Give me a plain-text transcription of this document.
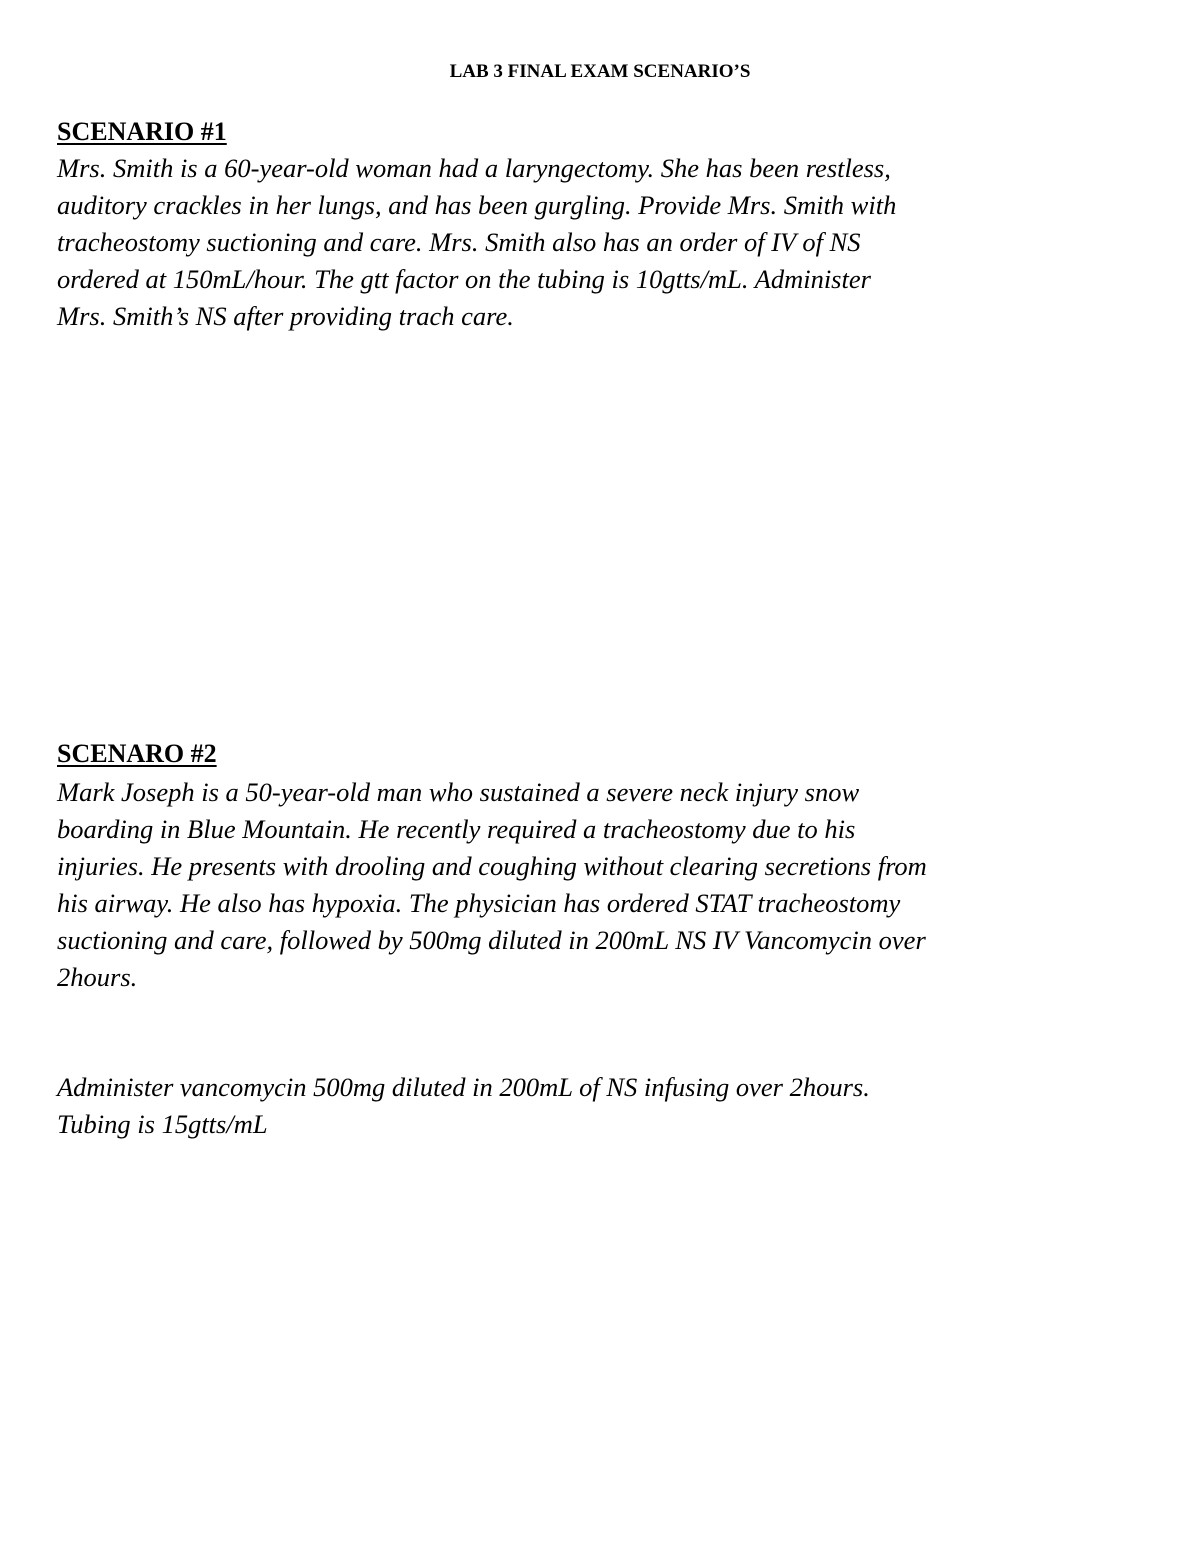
LAB 3 FINAL EXAM SCENARIO’S
SCENARIO #1
Mrs. Smith is a 60-year-old woman had a laryngectomy. She has been restless,
auditory crackles in her lungs, and has been gurgling. Provide Mrs. Smith with
tracheostomy suctioning and care. Mrs. Smith also has an order of IV of NS
ordered at 150mL/hour. The gtt factor on the tubing is 10gtts/mL. Administer
Mrs. Smith’s NS after providing trach care.
SCENARO #2
Mark Joseph is a 50-year-old man who sustained a severe neck injury snow
boarding in Blue Mountain. He recently required a tracheostomy due to his
injuries. He presents with drooling and coughing without clearing secretions from
his airway. He also has hypoxia. The physician has ordered STAT tracheostomy
suctioning and care, followed by 500mg diluted in 200mL NS IV Vancomycin over
2hours.
Administer vancomycin 500mg diluted in 200mL of NS infusing over 2hours.
Tubing is 15gtts/mL
